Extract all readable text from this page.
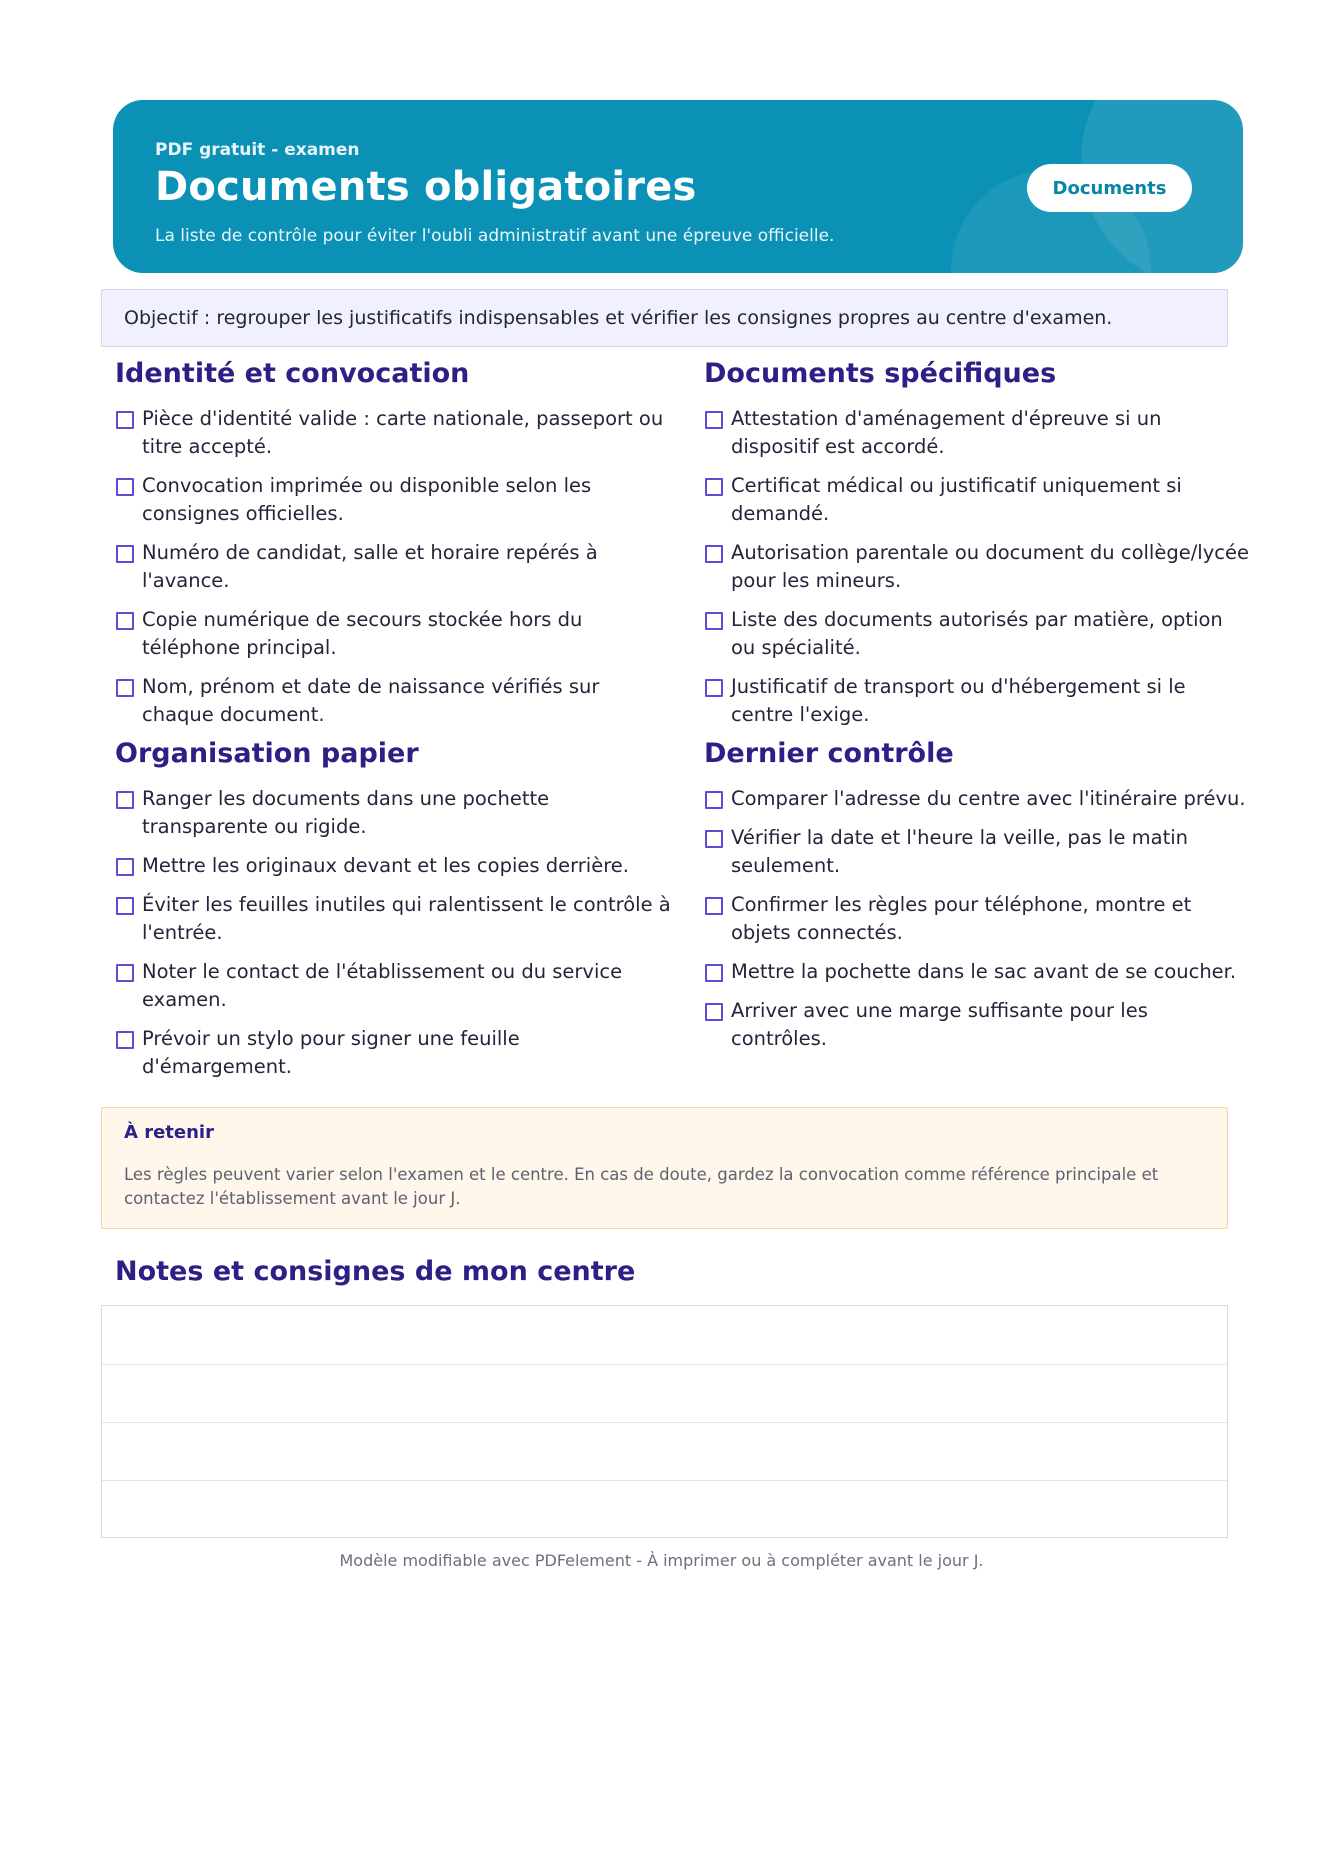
PDF gratuit - examen
Documents obligatoires
La liste de contrôle pour éviter l'oubli administratif avant une épreuve officielle.
Documents
Objectif : regrouper les justificatifs indispensables et vérifier les consignes propres au centre d'examen.
Identité et convocation
Pièce d'identité valide : carte nationale, passeport ou titre accepté.
Convocation imprimée ou disponible selon les consignes officielles.
Numéro de candidat, salle et horaire repérés à l'avance.
Copie numérique de secours stockée hors du téléphone principal.
Nom, prénom et date de naissance vérifiés sur chaque document.
Documents spécifiques
Attestation d'aménagement d'épreuve si un dispositif est accordé.
Certificat médical ou justificatif uniquement si demandé.
Autorisation parentale ou document du collège/lycée pour les mineurs.
Liste des documents autorisés par matière, option ou spécialité.
Justificatif de transport ou d'hébergement si le centre l'exige.
Organisation papier
Ranger les documents dans une pochette transparente ou rigide.
Mettre les originaux devant et les copies derrière.
Éviter les feuilles inutiles qui ralentissent le contrôle à l'entrée.
Noter le contact de l'établissement ou du service examen.
Prévoir un stylo pour signer une feuille d'émargement.
Dernier contrôle
Comparer l'adresse du centre avec l'itinéraire prévu.
Vérifier la date et l'heure la veille, pas le matin seulement.
Confirmer les règles pour téléphone, montre et objets connectés.
Mettre la pochette dans le sac avant de se coucher.
Arriver avec une marge suffisante pour les contrôles.
À retenir
Les règles peuvent varier selon l'examen et le centre. En cas de doute, gardez la convocation comme référence principale et contactez l'établissement avant le jour J.
Notes et consignes de mon centre
Modèle modifiable avec PDFelement - À imprimer ou à compléter avant le jour J.
